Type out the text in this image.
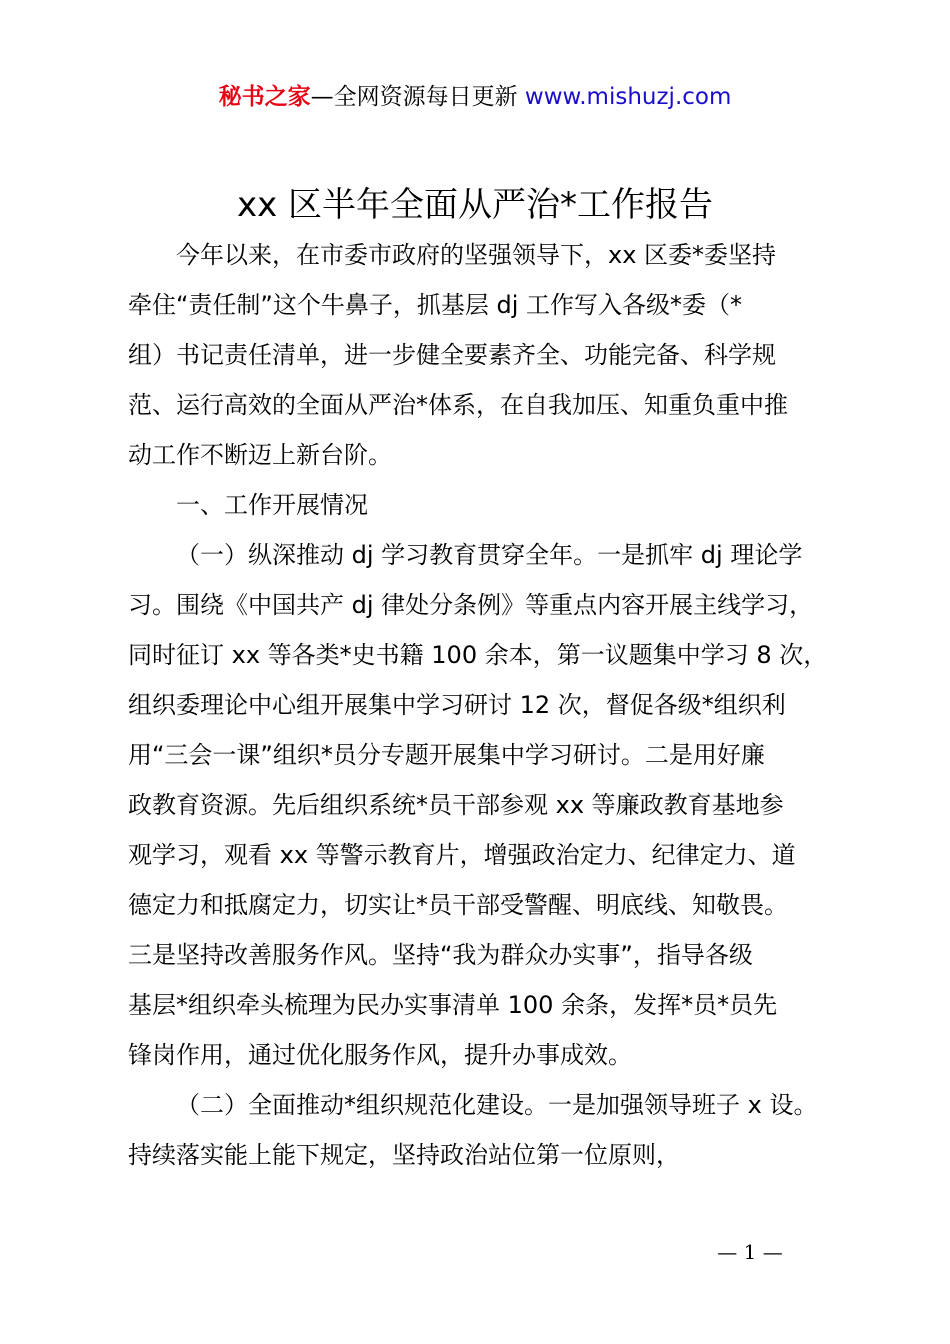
秘书之家—全网资源每日更新 www.mishuzj.com
xx 区半年全面从严治*工作报告
今年以来，在市委市政府的坚强领导下，xx 区委*委坚持
牵住“责任制”这个牛鼻子，抓基层 dj 工作写入各级*委（*
组）书记责任清单，进一步健全要素齐全、功能完备、科学规
范、运行高效的全面从严治*体系，在自我加压、知重负重中推
动工作不断迈上新台阶。
一、工作开展情况
（一）纵深推动 dj 学习教育贯穿全年。一是抓牢 dj 理论学
习。围绕《中国共产 dj 律处分条例》等重点内容开展主线学习，
同时征订 xx 等各类*史书籍 100 余本，第一议题集中学习 8 次，
组织委理论中心组开展集中学习研讨 12 次，督促各级*组织利
用“三会一课”组织*员分专题开展集中学习研讨。二是用好廉
政教育资源。先后组织系统*员干部参观 xx 等廉政教育基地参
观学习，观看 xx 等警示教育片，增强政治定力、纪律定力、道
德定力和抵腐定力，切实让*员干部受警醒、明底线、知敬畏。
三是坚持改善服务作风。坚持“我为群众办实事”，指导各级
基层*组织牵头梳理为民办实事清单 100 余条，发挥*员*员先
锋岗作用，通过优化服务作风，提升办事成效。
（二）全面推动*组织规范化建设。一是加强领导班子 x 设。
持续落实能上能下规定，坚持政治站位第一位原则，
— 1 —
